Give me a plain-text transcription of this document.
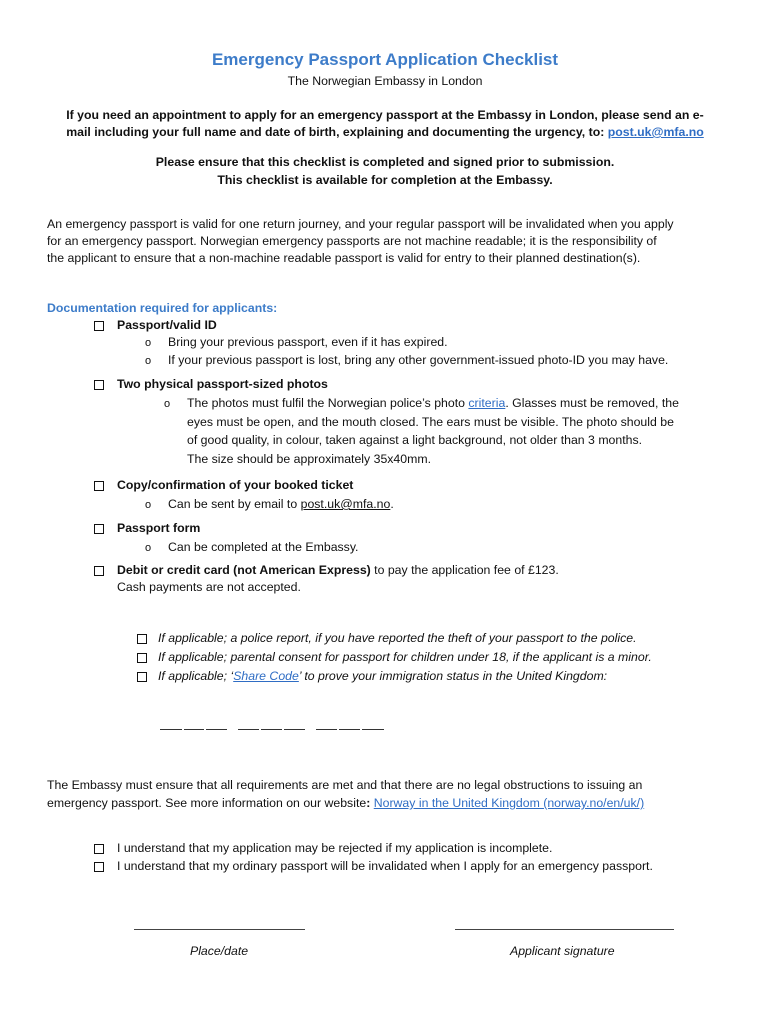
Emergency Passport Application Checklist
The Norwegian Embassy in London
If you need an appointment to apply for an emergency passport at the Embassy in London, please send an e-
mail including your full name and date of birth, explaining and documenting the urgency, to: post.uk@mfa.no
Please ensure that this checklist is completed and signed prior to submission.
This checklist is available for completion at the Embassy.
An emergency passport is valid for one return journey, and your regular passport will be invalidated when you apply
for an emergency passport. Norwegian emergency passports are not machine readable; it is the responsibility of
the applicant to ensure that a non-machine readable passport is valid for entry to their planned destination(s).
Documentation required for applicants:
Passport/valid ID
o Bring your previous passport, even if it has expired.
o If your previous passport is lost, bring any other government-issued photo-ID you may have.
Two physical passport-sized photos
o The photos must fulfil the Norwegian police’s photo criteria. Glasses must be removed, the
eyes must be open, and the mouth closed. The ears must be visible. The photo should be
of good quality, in colour, taken against a light background, not older than 3 months.
The size should be approximately 35x40mm.
Copy/confirmation of your booked ticket
o Can be sent by email to post.uk@mfa.no.
Passport form
o Can be completed at the Embassy.
Debit or credit card (not American Express) to pay the application fee of £123.
Cash payments are not accepted.
If applicable; a police report, if you have reported the theft of your passport to the police.
If applicable; parental consent for passport for children under 18, if the applicant is a minor.
If applicable; ‘Share Code’ to prove your immigration status in the United Kingdom:
The Embassy must ensure that all requirements are met and that there are no legal obstructions to issuing an
emergency passport. See more information on our website: Norway in the United Kingdom (norway.no/en/uk/)
I understand that my application may be rejected if my application is incomplete.
I understand that my ordinary passport will be invalidated when I apply for an emergency passport.
Place/date	Applicant signature
